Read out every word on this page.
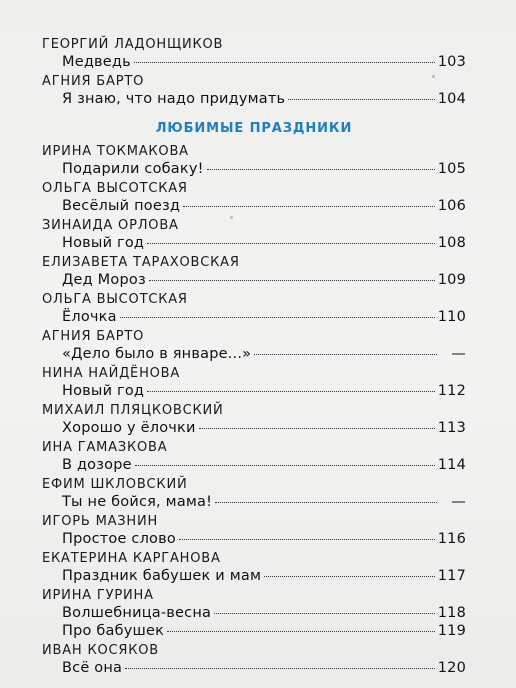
ГЕОРГИЙ ЛАДОНЩИКОВ
Медведь	103
АГНИЯ БАРТО
Я знаю, что надо придумать	104
ЛЮБИМЫЕ ПРАЗДНИКИ
ИРИНА ТОКМАКОВА
Подарили собаку!	105
ОЛЬГА ВЫСОТСКАЯ
Весёлый поезд	106
ЗИНАИДА ОРЛОВА
Новый год	108
ЕЛИЗАВЕТА ТАРАХОВСКАЯ
Дед Мороз	109
ОЛЬГА ВЫСОТСКАЯ
Ёлочка	110
АГНИЯ БАРТО
«Дело было в январе...»	—
НИНА НАЙДЁНОВА
Новый год	112
МИХАИЛ ПЛЯЦКОВСКИЙ
Хорошо у ёлочки	113
ИНА ГАМАЗКОВА
В дозоре	114
ЕФИМ ШКЛОВСКИЙ
Ты не бойся, мама!	—
ИГОРЬ МАЗНИН
Простое слово	116
ЕКАТЕРИНА КАРГАНОВА
Праздник бабушек и мам	117
ИРИНА ГУРИНА
Волшебница-весна	118
Про бабушек	119
ИВАН КОСЯКОВ
Всё она	120
